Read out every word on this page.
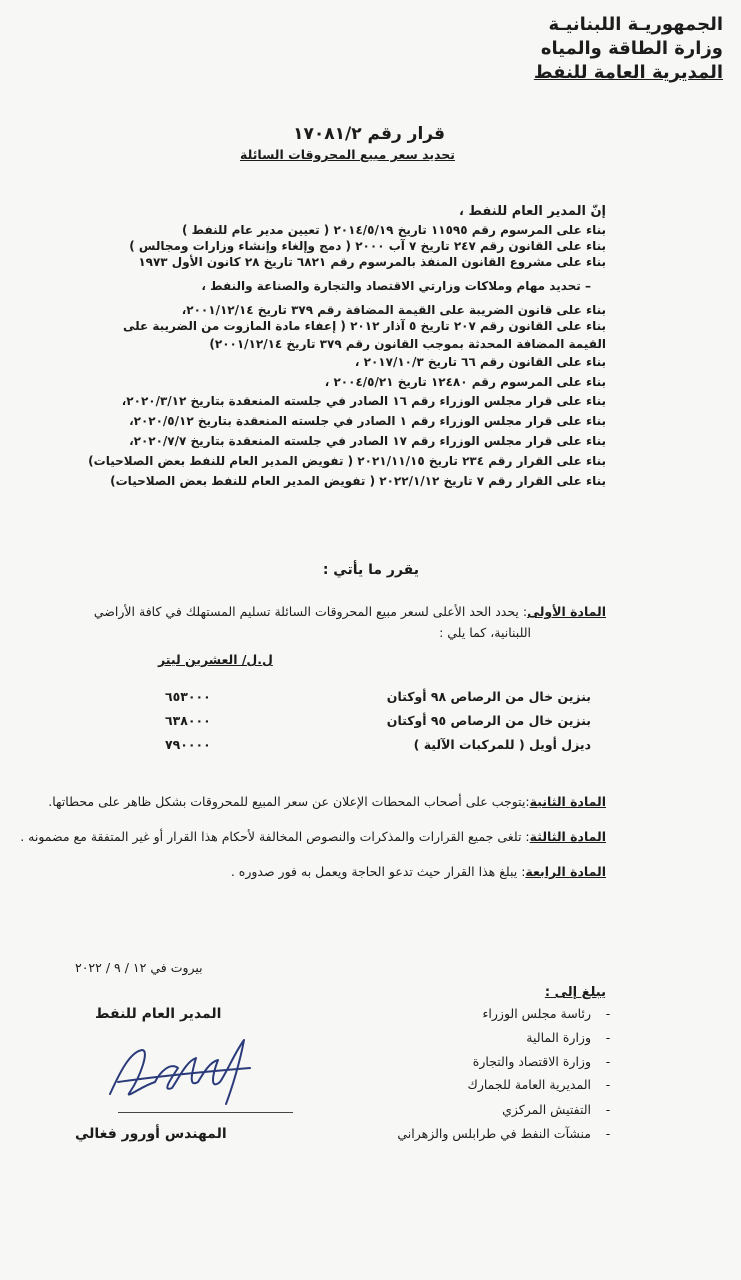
الجمهوريـة اللبنانيـة
وزارة الطاقة والمياه
المديرية العامة للنفط
قرار رقم ١٧٠٨١/٢
تحديد سعر مبيع المحروقات السائلة
إنّ المدير العام للنفط ،
بناء على المرسوم رقم ١١٥٩٥ تاريخ ٢٠١٤/٥/١٩ ( تعيين مدير عام للنفط )
بناء على القانون رقم ٢٤٧ تاريخ ٧ آب ٢٠٠٠ ( دمج وإلغاء وإنشاء وزارات ومجالس )
بناء على مشروع القانون المنفذ بالمرسوم رقم ٦٨٢١ تاريخ ٢٨ كانون الأول ١٩٧٣
– تحديد مهام وملاكات وزارتي الاقتصاد والتجارة والصناعة والنفط ،
بناء على قانون الضريبة على القيمة المضافة رقم ٣٧٩ تاريخ ٢٠٠١/١٢/١٤،
بناء على القانون رقم ٢٠٧ تاريخ ٥ آذار ٢٠١٢ ( إعفاء مادة المازوت من الضريبة على
القيمة المضافة المحدثة بموجب القانون رقم ٣٧٩ تاريخ ٢٠٠١/١٢/١٤)
بناء على القانون رقم ٦٦ تاريخ ٢٠١٧/١٠/٣ ،
بناء على المرسوم رقم ١٢٤٨٠ تاريخ ٢٠٠٤/٥/٢١ ،
بناء على قرار مجلس الوزراء رقم ١٦ الصادر في جلسته المنعقدة بتاريخ ٢٠٢٠/٣/١٢،
بناء على قرار مجلس الوزراء رقم ١ الصادر في جلسته المنعقدة بتاريخ ٢٠٢٠/٥/١٢،
بناء على قرار مجلس الوزراء رقم ١٧ الصادر في جلسته المنعقدة بتاريخ ٢٠٢٠/٧/٧،
بناء على القرار رقم ٢٣٤ تاريخ ٢٠٢١/١١/١٥ ( تفويض المدير العام للنفط بعض الصلاحيات)
بناء على القرار رقم ٧ تاريخ ٢٠٢٢/١/١٢ ( تفويض المدير العام للنفط بعض الصلاحيات)
يقرر ما يأتي :
المادة الأولى: يحدد الحد الأعلى لسعر مبيع المحروقات السائلة تسليم المستهلك في كافة الأراضي
اللبنانية، كما يلي :
ل.ل/ العشرين ليتر
بنزين خال من الرصاص ٩٨ أوكتان
٦٥٣٠٠٠
بنزين خال من الرصاص ٩٥ أوكتان
٦٣٨٠٠٠
ديزل أويل ( للمركبات الآلية )
٧٩٠٠٠٠
المادة الثانية:يتوجب على أصحاب المحطات الإعلان عن سعر المبيع للمحروقات بشكل ظاهر على محطاتها.
المادة الثالثة: تلغى جميع القرارات والمذكرات والنصوص المخالفة لأحكام هذا القرار أو غير المتفقة مع مضمونه .
المادة الرابعة: يبلغ هذا القرار حيث تدعو الحاجة ويعمل به فور صدوره .
بيروت في ١٢ / ٩ / ٢٠٢٢
يبلغ إلى :
-
رئاسة مجلس الوزراء
-
وزارة المالية
-
وزارة الاقتصاد والتجارة
-
المديرية العامة للجمارك
-
التفتيش المركزي
-
منشآت النفط في طرابلس والزهراني
المدير العام للنفط
المهندس أورور فغالي
